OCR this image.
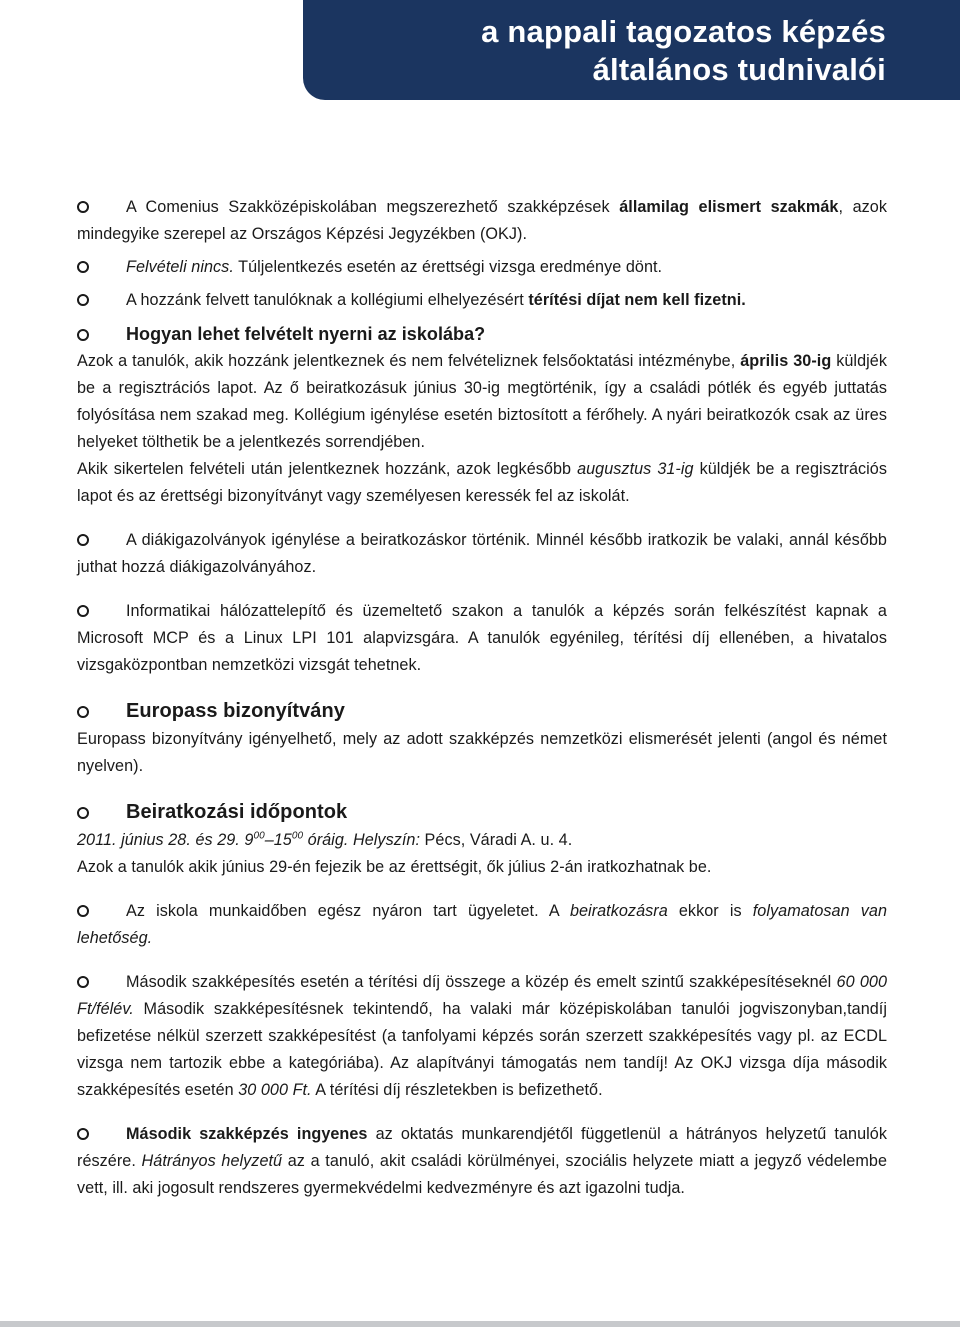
a nappali tagozatos képzés
általános tudnivalói

A Comenius Szakközépiskolában megszerezhető szakképzések államilag elismert szakmák, azok mindegyike szerepel az Országos Képzési Jegyzékben (OKJ).

Felvételi nincs. Túljelentkezés esetén az érettségi vizsga eredménye dönt.

A hozzánk felvett tanulóknak a kollégiumi elhelyezésért térítési díjat nem kell fizetni.

Hogyan lehet felvételt nyerni az iskolába?

Azok a tanulók, akik hozzánk jelentkeznek és nem felvételiznek felsőoktatási intézménybe, április 30-ig küldjék be a regisztrációs lapot. Az ő beiratkozásuk június 30-ig megtörténik, így a családi pótlék és egyéb juttatás folyósítása nem szakad meg. Kollégium igénylése esetén biztosított a férőhely. A nyári beiratkozók csak az üres helyeket tölthetik be a jelentkezés sorrendjében.

Akik sikertelen felvételi után jelentkeznek hozzánk, azok legkésőbb augusztus 31-ig küldjék be a regisztrációs lapot és az érettségi bizonyítványt vagy személyesen keressék fel az iskolát.

A diákigazolványok igénylése a beiratkozáskor történik. Minnél később iratkozik be valaki, annál később juthat hozzá diákigazolványához.

Informatikai hálózattelepítő és üzemeltető szakon a tanulók a képzés során felkészítést kapnak a Microsoft MCP és a Linux LPI 101 alapvizsgára. A tanulók egyénileg, térítési díj ellenében, a hivatalos vizsgaközpontban nemzetközi vizsgát tehetnek.

Europass bizonyítvány

Europass bizonyítvány igényelhető, mely az adott szakképzés nemzetközi elismerését jelenti (angol és német nyelven).

Beiratkozási időpontok

2011. június 28. és 29. $9^{00}-15^{00}$ óráig. Helyszín: Pécs, Váradi A. u. 4.

Azok a tanulók akik június 29-én fejezik be az érettségit, ők július 2-án iratkozhatnak be.

Az iskola munkaidőben egész nyáron tart ügyeletet. A beiratkozásra ekkor is folyamatosan van lehetőség.

Második szakképesítés esetén a térítési díj összege a közép és emelt szintű szakképesítéseknél 60 000 Ft/félév. Második szakképesítésnek tekintendő, ha valaki már középiskolában tanulói jogviszonyban,tandíj befizetése nélkül szerzett szakképesítést (a tanfolyami képzés során szerzett szakképesítés vagy pl. az ECDL vizsga nem tartozik ebbe a kategóriába). Az alapítványi támogatás nem tandíj! Az OKJ vizsga díja második szakképesítés esetén 30 000 Ft. A térítési díj részletekben is befizethető.

Második szakképzés ingyenes az oktatás munkarendjétől függetlenül a hátrányos helyzetű tanulók részére. Hátrányos helyzetű az a tanuló, akit családi körülményei, szociális helyzete miatt a jegyző védelembe vett, ill. aki jogosult rendszeres gyermekvédelmi kedvezményre és azt igazolni tudja.
